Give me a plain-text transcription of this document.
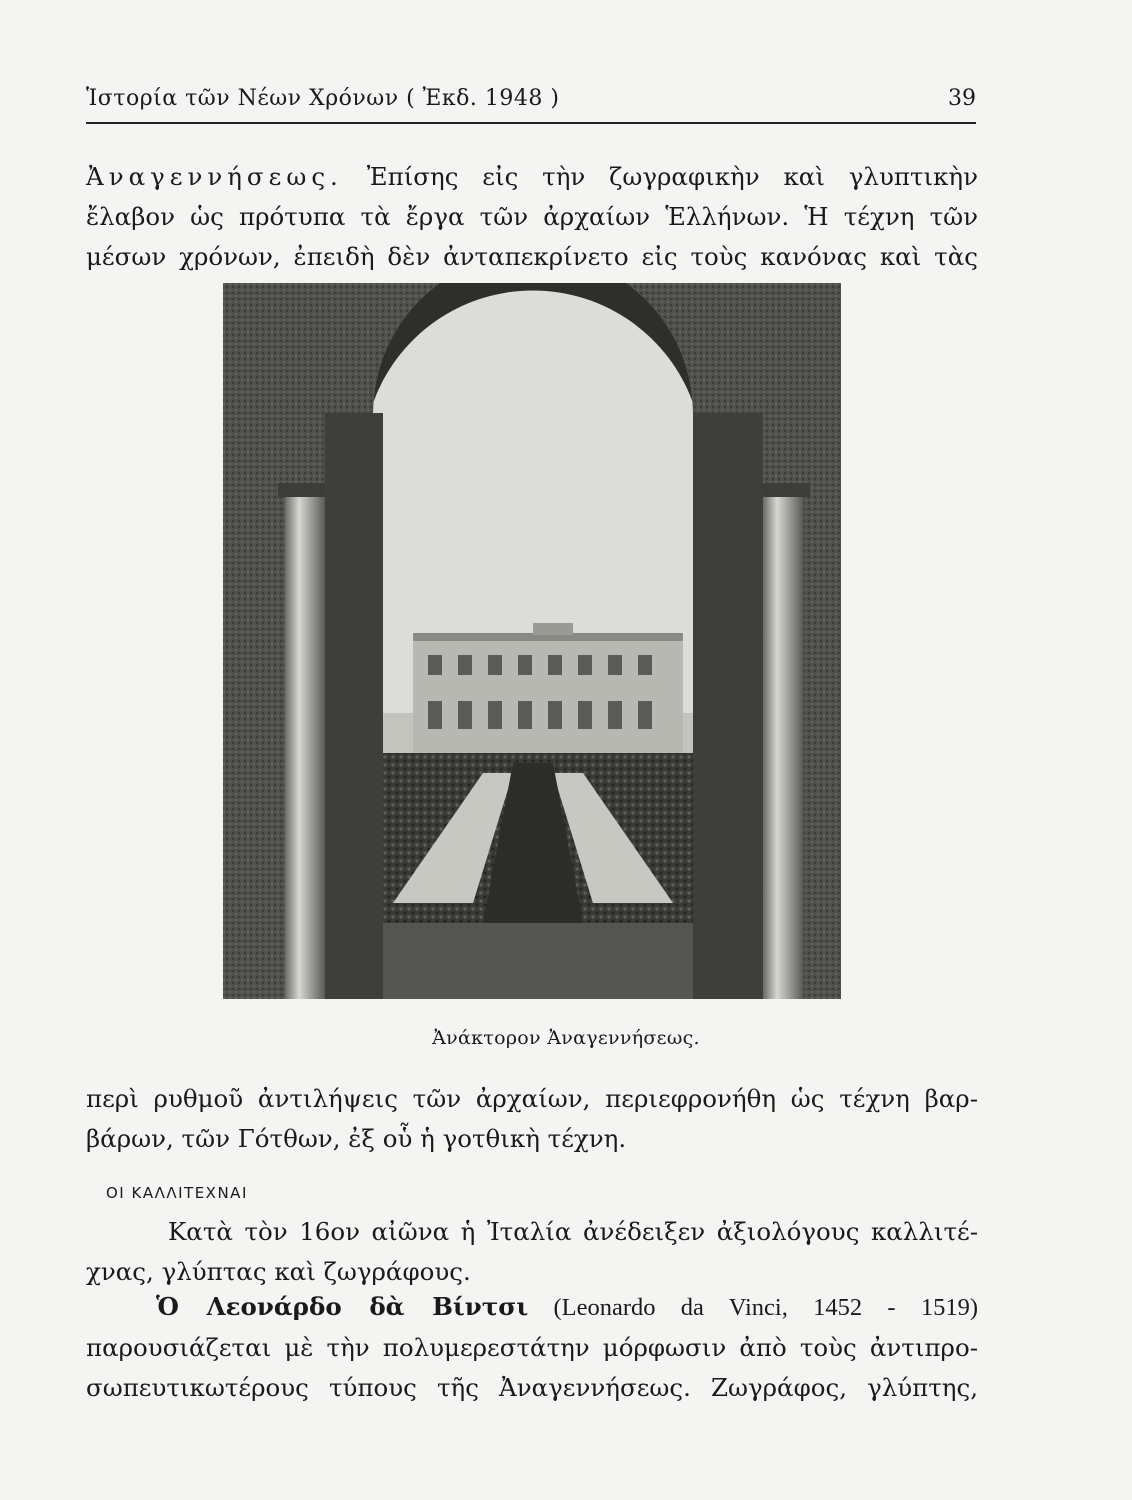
Ἱστορία τῶν Νέων Χρόνων ( Ἐκδ. 1948 )	39
Ἀναγεννήσεως. Ἐπίσης εἰς τὴν ζωγραφικὴν καὶ γλυπτικὴν
ἔλαβον ὡς πρότυπα τὰ ἔργα τῶν ἀρχαίων Ἑλλήνων. Ἡ τέχνη τῶν
μέσων χρόνων, ἐπειδὴ δὲν ἀνταπεκρίνετο εἰς τοὺς κανόνας καὶ τὰς
Ἀνάκτορον Ἀναγεννήσεως.
περὶ ρυθμοῦ ἀντιλήψεις τῶν ἀρχαίων, περιεφρονήθη ὡς τέχνη βαρ-
βάρων, τῶν Γότθων, ἐξ οὗ ἡ γοτθικὴ τέχνη.
ΟΙ ΚΑΛΛΙΤΕΧΝΑΙ
Κατὰ τὸν 16ον αἰῶνα ἡ Ἰταλία ἀνέδειξεν ἀξιολόγους καλλιτέ-
χνας, γλύπτας καὶ ζωγράφους.
Ὁ Λεονάρδο δὰ Βίντσι (Leonardo da Vinci, 1452 - 1519)
παρουσιάζεται μὲ τὴν πολυμερεστάτην μόρφωσιν ἀπὸ τοὺς ἀντιπρο-
σωπευτικωτέρους τύπους τῆς Ἀναγεννήσεως. Ζωγράφος, γλύπτης,
